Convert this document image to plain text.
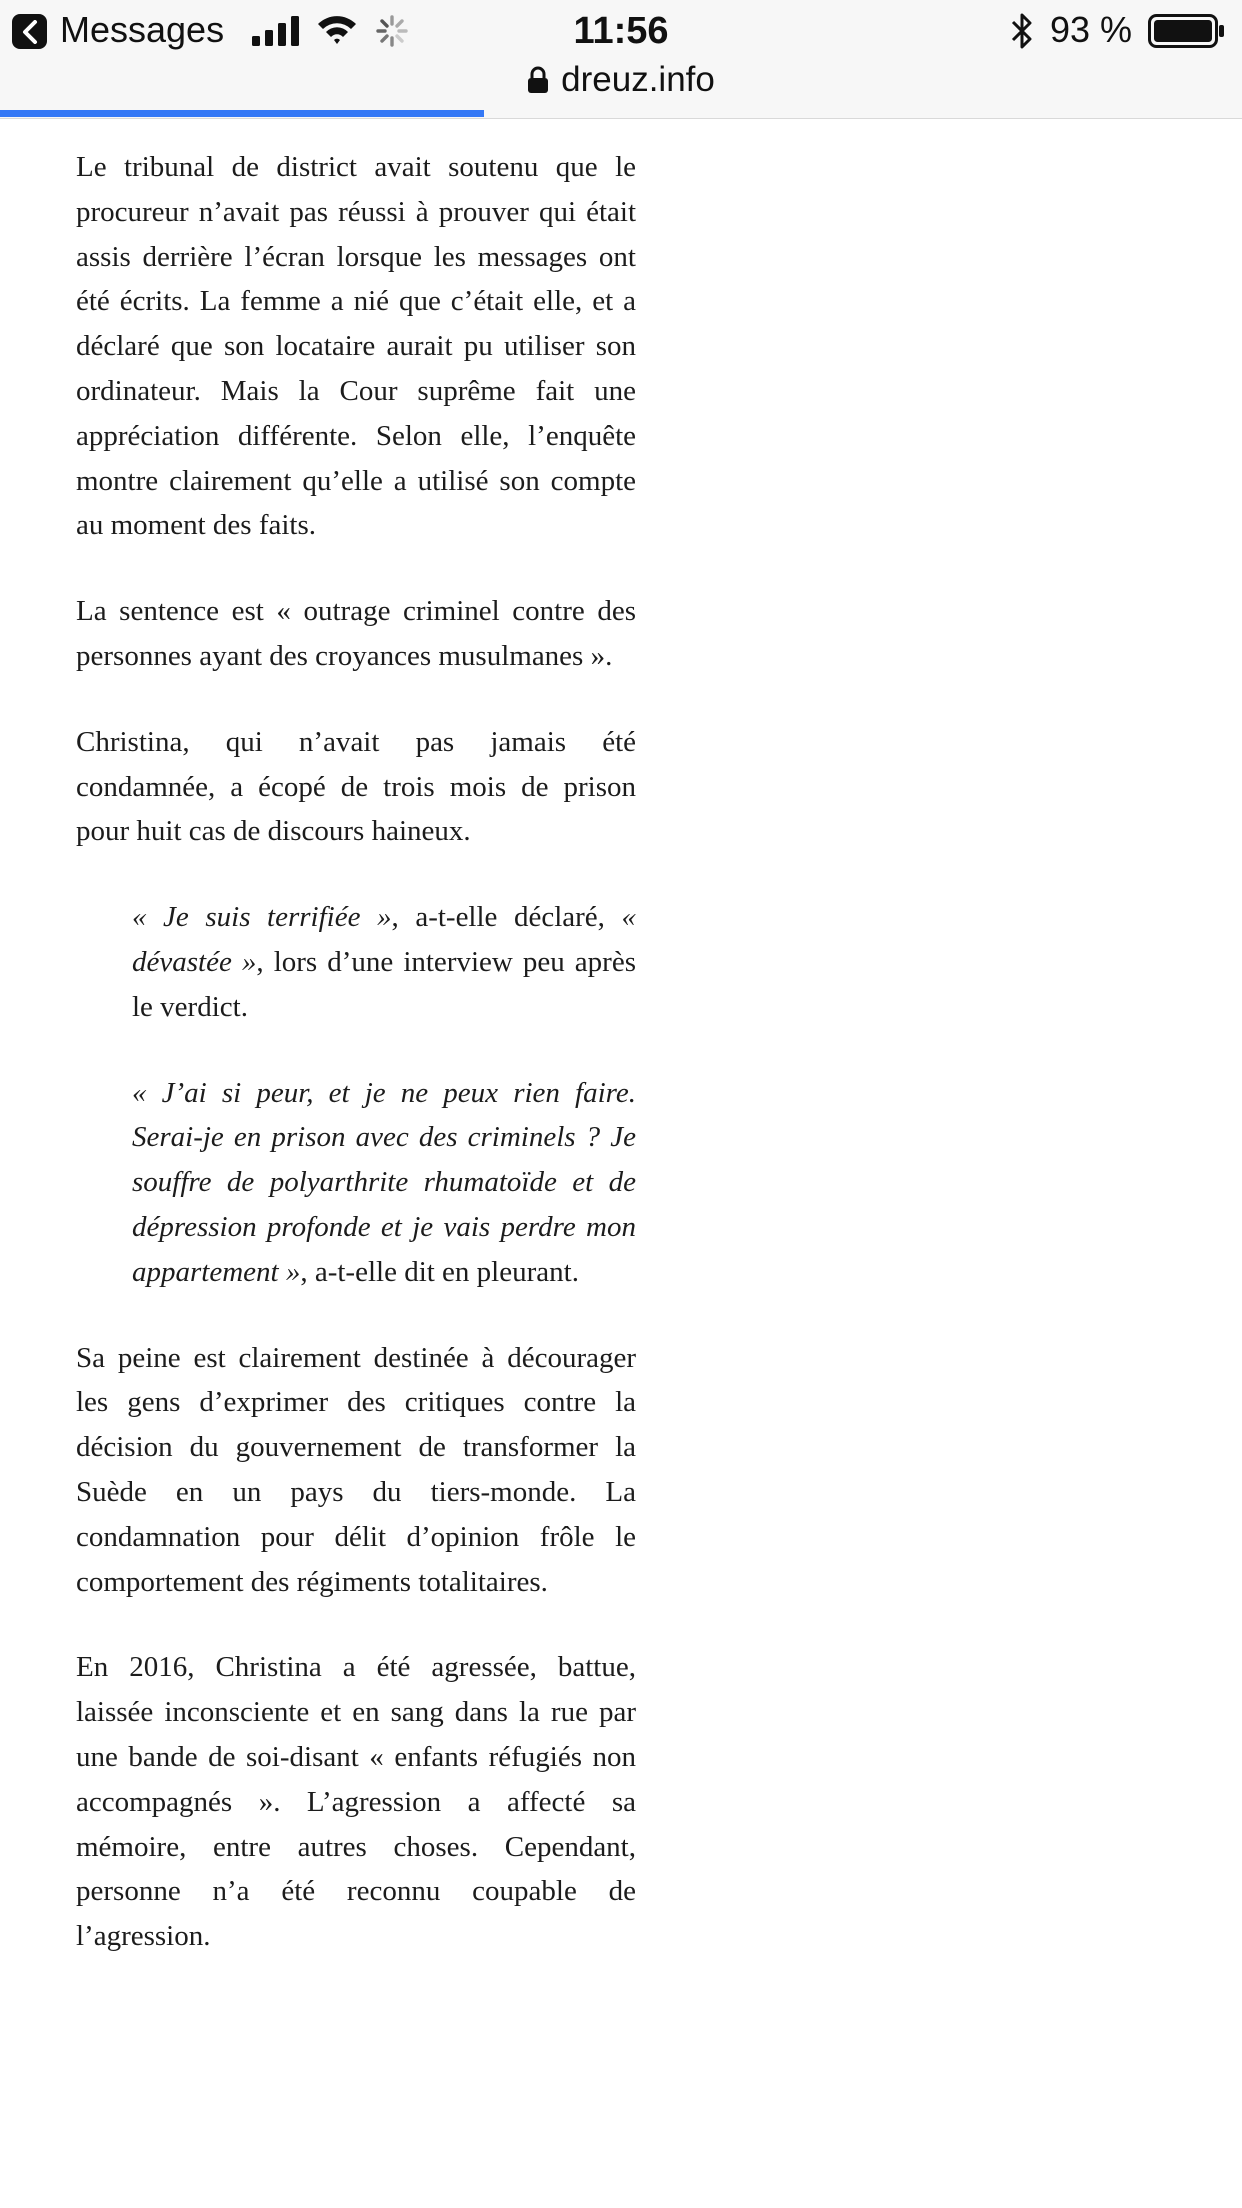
Messages	11:56	93 %
dreuz.info

Le tribunal de district avait soutenu que le procureur n’avait pas réussi à prouver qui était assis derrière l’écran lorsque les messages ont été écrits. La femme a nié que c’était elle, et a déclaré que son locataire aurait pu utiliser son ordinateur. Mais la Cour suprême fait une appréciation différente. Selon elle, l’enquête montre clairement qu’elle a utilisé son compte au moment des faits.

La sentence est « outrage criminel contre des personnes ayant des croyances musulmanes ».

Christina, qui n’avait pas jamais été condamnée, a écopé de trois mois de prison pour huit cas de discours haineux.

« Je suis terrifiée », a-t-elle déclaré, « dévastée », lors d’une interview peu après le verdict.

« J’ai si peur, et je ne peux rien faire. Serai-je en prison avec des criminels ? Je souffre de polyarthrite rhumatoïde et de dépression profonde et je vais perdre mon appartement », a-t-elle dit en pleurant.

Sa peine est clairement destinée à décourager les gens d’exprimer des critiques contre la décision du gouvernement de transformer la Suède en un pays du tiers-monde. La condamnation pour délit d’opinion frôle le comportement des régiments totalitaires.

En 2016, Christina a été agressée, battue, laissée inconsciente et en sang dans la rue par une bande de soi-disant « enfants réfugiés non accompagnés ». L’agression a affecté sa mémoire, entre autres choses. Cependant, personne n’a été reconnu coupable de l’agression.
